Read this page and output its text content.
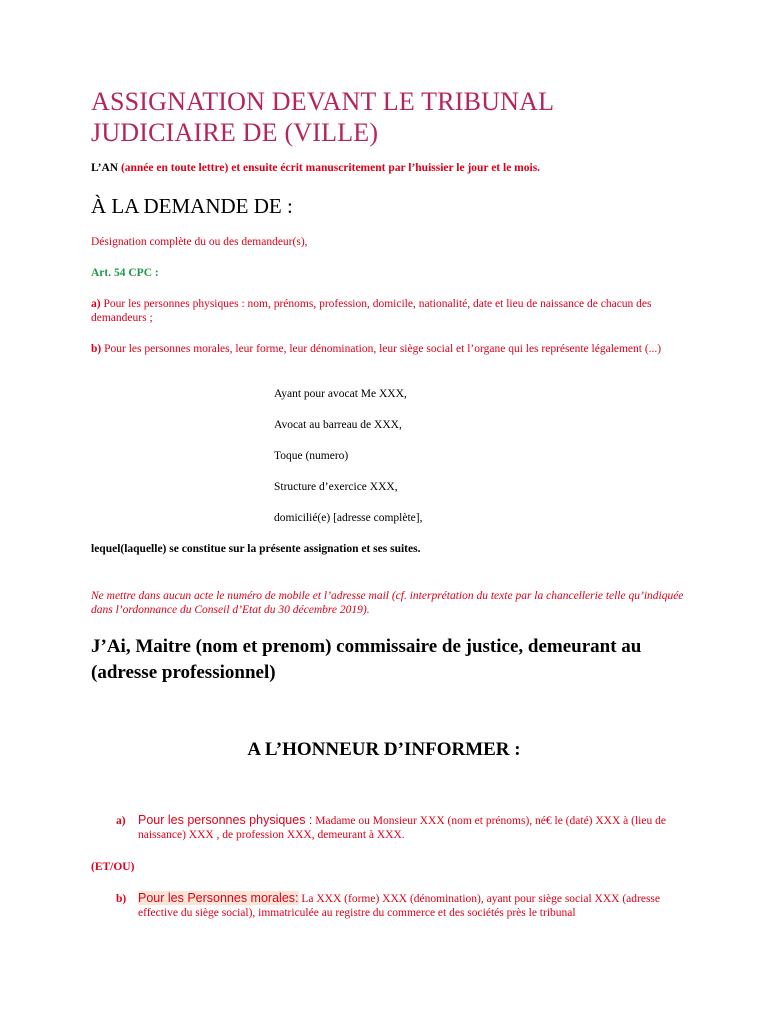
ASSIGNATION DEVANT LE TRIBUNAL JUDICIAIRE DE (VILLE)

L’AN (année en toute lettre) et ensuite écrit manuscritement par l’huissier le jour et le mois.

À LA DEMANDE DE :

Désignation complète du ou des demandeur(s),

Art. 54 CPC :

a) Pour les personnes physiques : nom, prénoms, profession, domicile, nationalité, date et lieu de naissance de chacun des demandeurs ;

b) Pour les personnes morales, leur forme, leur dénomination, leur siège social et l’organe qui les représente légalement (...)

Ayant pour avocat Me XXX,

Avocat au barreau de XXX,

Toque (numero)

Structure d’exercice XXX,

domicilié(e) [adresse complète],

lequel(laquelle) se constitue sur la présente assignation et ses suites.

Ne mettre dans aucun acte le numéro de mobile et l’adresse mail (cf. interprétation du texte par la chancellerie telle qu’indiquée dans l’ordonnance du Conseil d’Etat du 30 décembre 2019).

J’Ai, Maitre (nom et prenom) commissaire de justice, demeurant au (adresse professionnel)

A L’HONNEUR D’INFORMER :
a) Pour les personnes physiques : Madame ou Monsieur XXX (nom et prénoms), né€ le (daté) XXX à (lieu de naissance) XXX , de profession XXX, demeurant à XXX.

(ET/OU)

b) Pour les Personnes morales: La XXX (forme) XXX (dénomination), ayant pour siège social XXX (adresse effective du siège social), immatriculée au registre du commerce et des sociétés près le tribunal
